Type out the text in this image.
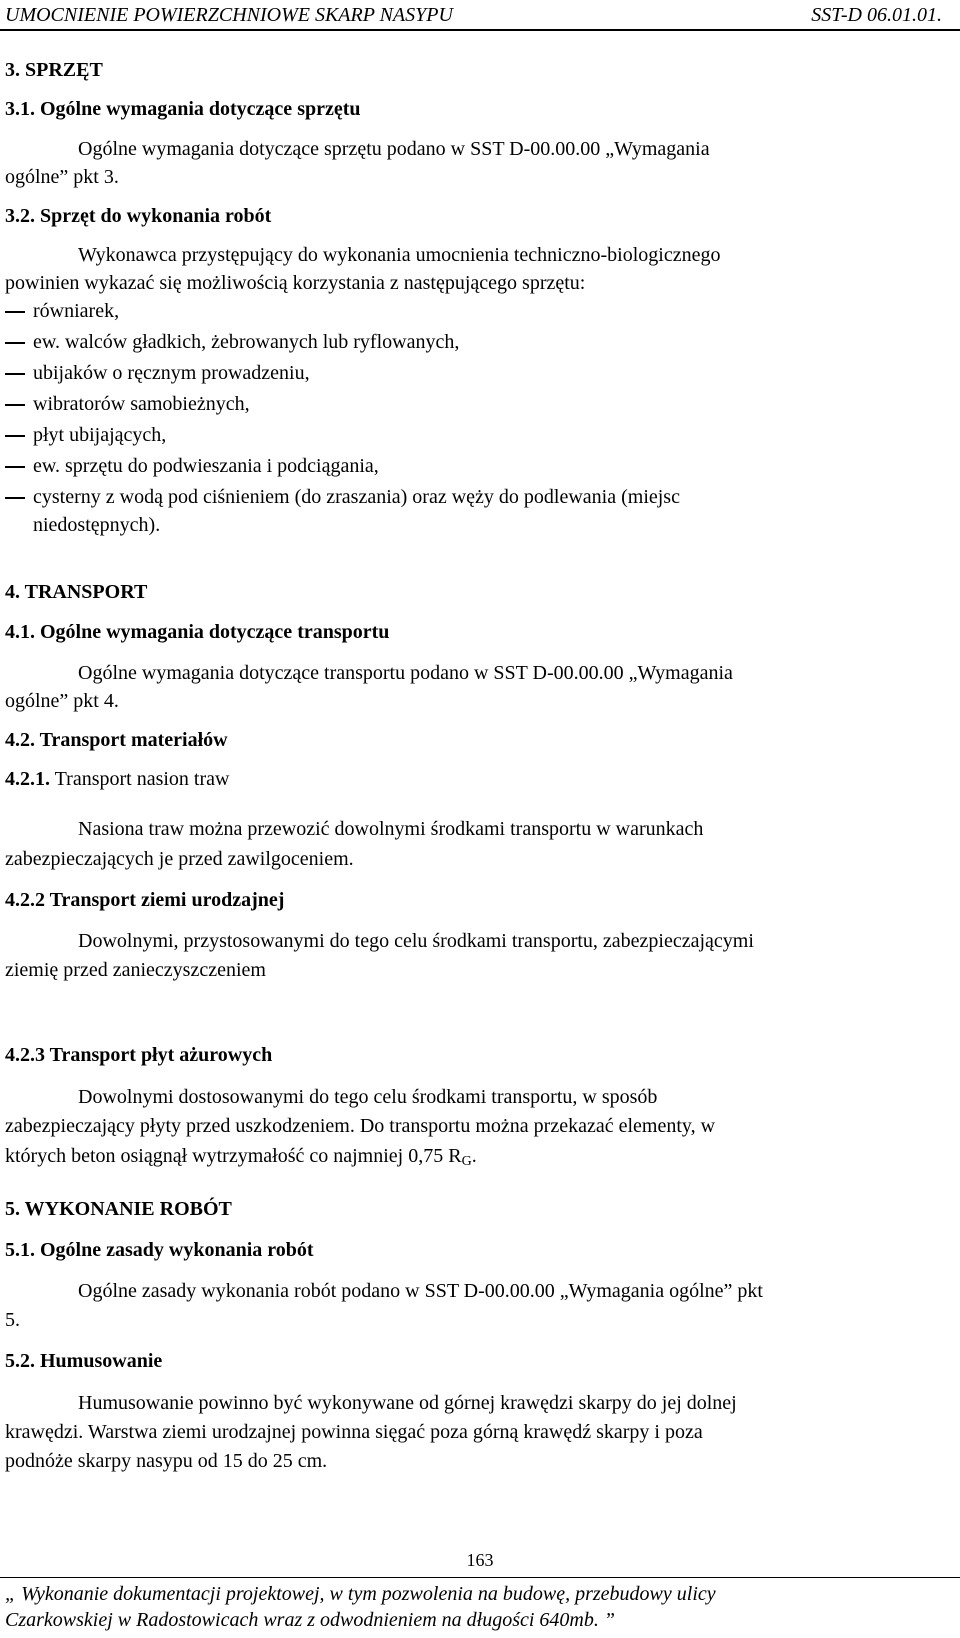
UMOCNIENIE POWIERZCHNIOWE SKARP NASYPU	SST-D 06.01.01.
3. SPRZĘT
3.1. Ogólne wymagania dotyczące sprzętu
Ogólne wymagania dotyczące sprzętu podano w SST D-00.00.00 „Wymagania
ogólne” pkt 3.
3.2. Sprzęt do wykonania robót
Wykonawca przystępujący do wykonania umocnienia techniczno-biologicznego
powinien wykazać się możliwością korzystania z następującego sprzętu:
równiarek,
ew. walców gładkich, żebrowanych lub ryflowanych,
ubijaków o ręcznym prowadzeniu,
wibratorów samobieżnych,
płyt ubijających,
ew. sprzętu do podwieszania i podciągania,
cysterny z wodą pod ciśnieniem (do zraszania) oraz węży do podlewania (miejsc
niedostępnych).
4. TRANSPORT
4.1. Ogólne wymagania dotyczące transportu
Ogólne wymagania dotyczące transportu podano w SST D-00.00.00 „Wymagania
ogólne” pkt 4.
4.2. Transport materiałów
4.2.1. Transport nasion traw
Nasiona traw można przewozić dowolnymi środkami transportu w warunkach
zabezpieczających je przed zawilgoceniem.
4.2.2 Transport ziemi urodzajnej
Dowolnymi, przystosowanymi do tego celu środkami transportu, zabezpieczającymi
ziemię przed zanieczyszczeniem
4.2.3 Transport płyt ażurowych
Dowolnymi dostosowanymi do tego celu środkami transportu, w sposób
zabezpieczający płyty przed uszkodzeniem. Do transportu można przekazać elementy, w
których beton osiągnął wytrzymałość co najmniej 0,75 $R_G$.
5. WYKONANIE ROBÓT
5.1. Ogólne zasady wykonania robót
Ogólne zasady wykonania robót podano w SST D-00.00.00 „Wymagania ogólne” pkt
5.
5.2. Humusowanie
Humusowanie powinno być wykonywane od górnej krawędzi skarpy do jej dolnej
krawędzi. Warstwa ziemi urodzajnej powinna sięgać poza górną krawędź skarpy i poza
podnóże skarpy nasypu od 15 do 25 cm.
163
„ Wykonanie dokumentacji projektowej, w tym pozwolenia na budowę, przebudowy ulicy
Czarkowskiej w Radostowicach wraz z odwodnieniem na długości 640mb. ”
